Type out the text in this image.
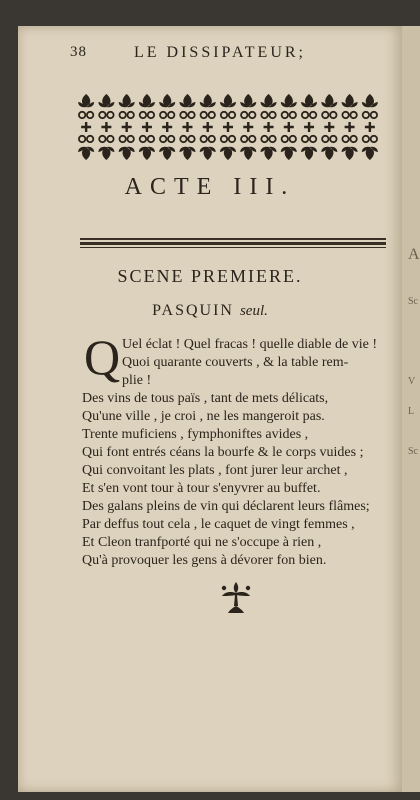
38	LE DISSIPATEUR;
ACTE III.
SCENE PREMIERE.
PASQUIN seul.
Q Uel éclat ! Quel fracas ! quelle diable de vie !
Quoi quarante couverts , & la table rem-
plie !
Des vins de tous païs , tant de mets délicats,
Qu'une ville , je croi , ne les mangeroit pas.
Trente muficiens , fymphoniftes avides ,
Qui font entrés céans la bourfe & le corps vuides ;
Qui convoitant les plats , font jurer leur archet ,
Et s'en vont tour à tour s'enyvrer au buffet.
Des galans pleins de vin qui déclarent leurs flâmes;
Par deffus tout cela , le caquet de vingt femmes ,
Et Cleon tranfporté qui ne s'occupe à rien ,
Qu'à provoquer les gens à dévorer fon bien.
A
Sc
V
L
Sc
